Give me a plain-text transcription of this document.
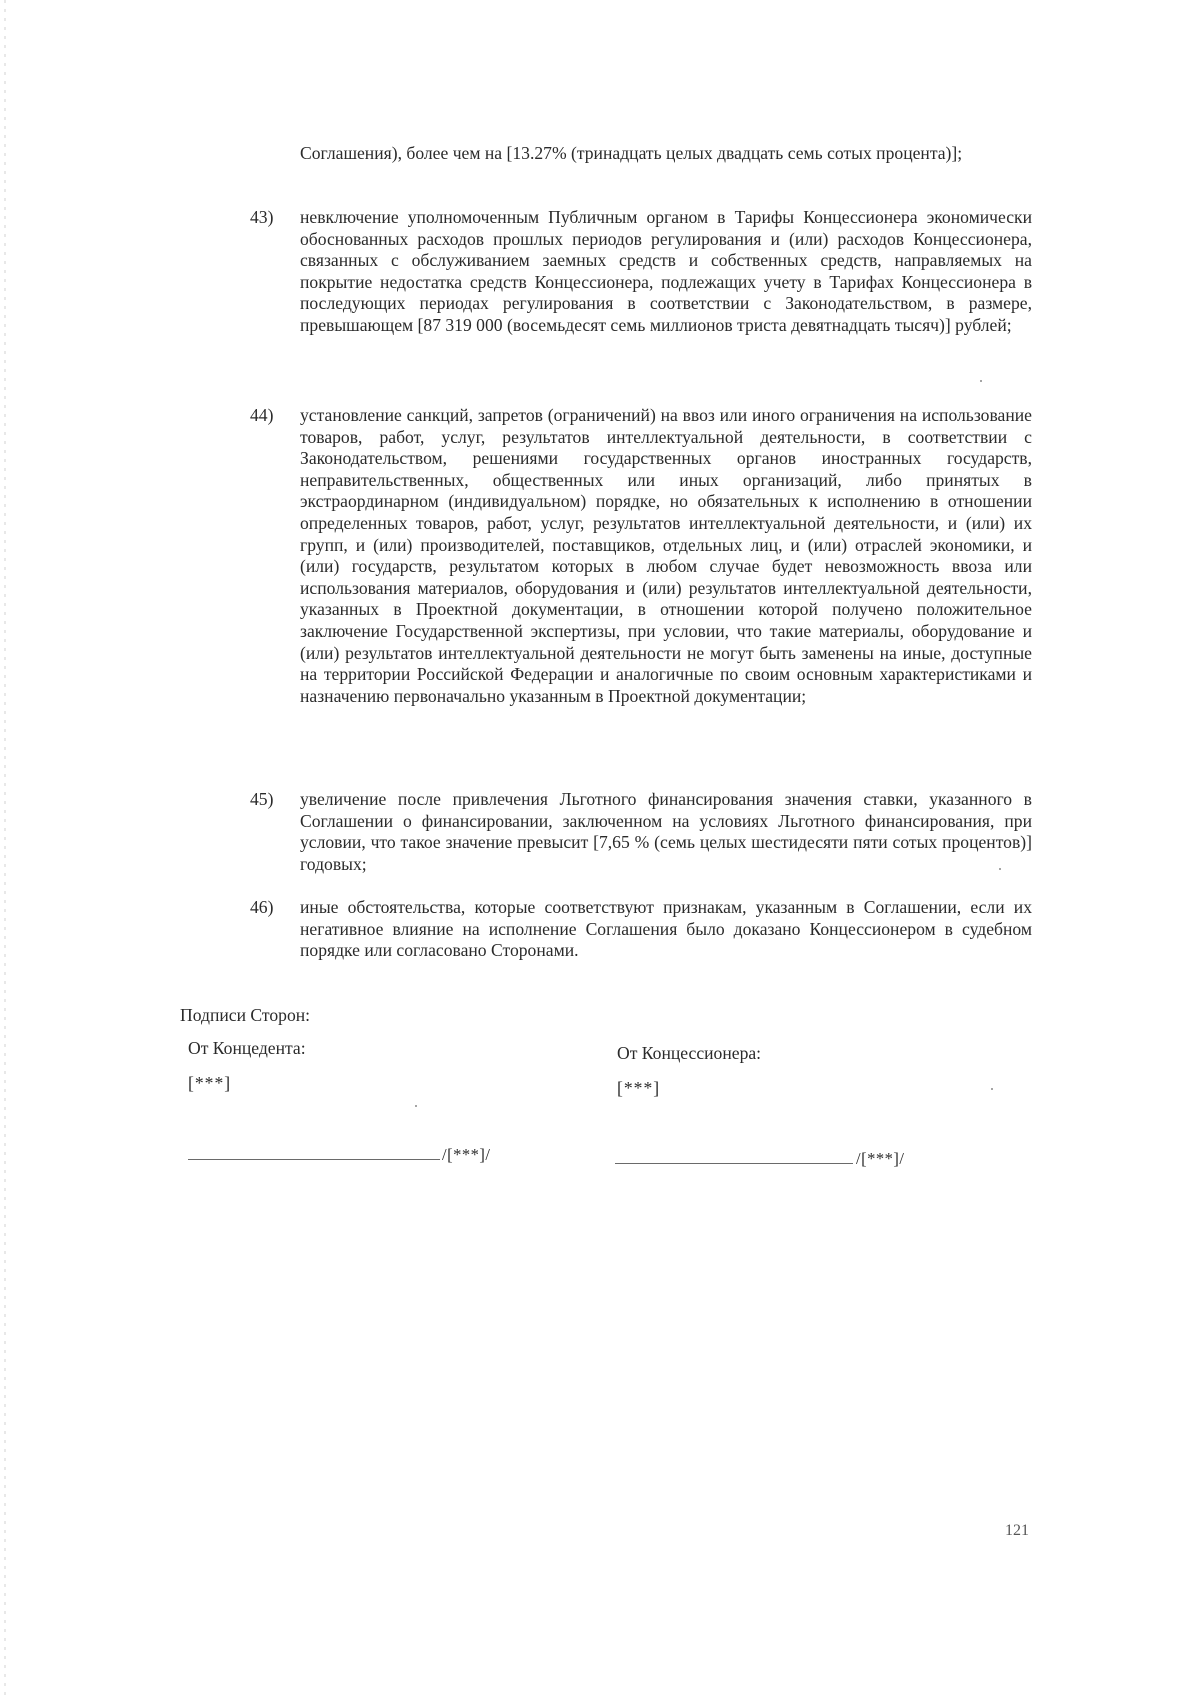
Соглашения), более чем на [13.27% (тринадцать целых двадцать семь сотых процента)];
43) невключение уполномоченным Публичным органом в Тарифы Концессионера экономически обоснованных расходов прошлых периодов регулирования и (или) расходов Концессионера, связанных с обслуживанием заемных средств и собственных средств, направляемых на покрытие недостатка средств Концессионера, подлежащих учету в Тарифах Концессионера в последующих периодах регулирования в соответствии с Законодательством, в размере, превышающем [87 319 000 (восемьдесят семь миллионов триста девятнадцать тысяч)] рублей;
44) установление санкций, запретов (ограничений) на ввоз или иного ограничения на использование товаров, работ, услуг, результатов интеллектуальной деятельности, в соответствии с Законодательством, решениями государственных органов иностранных государств, неправительственных, общественных или иных организаций, либо принятых в экстраординарном (индивидуальном) порядке, но обязательных к исполнению в отношении определенных товаров, работ, услуг, результатов интеллектуальной деятельности, и (или) их групп, и (или) производителей, поставщиков, отдельных лиц, и (или) отраслей экономики, и (или) государств, результатом которых в любом случае будет невозможность ввоза или использования материалов, оборудования и (или) результатов интеллектуальной деятельности, указанных в Проектной документации, в отношении которой получено положительное заключение Государственной экспертизы, при условии, что такие материалы, оборудование и (или) результатов интеллектуальной деятельности не могут быть заменены на иные, доступные на территории Российской Федерации и аналогичные по своим основным характеристиками и назначению первоначально указанным в Проектной документации;
45) увеличение после привлечения Льготного финансирования значения ставки, указанного в Соглашении о финансировании, заключенном на условиях Льготного финансирования, при условии, что такое значение превысит [7,65 % (семь целых шестидесяти пяти сотых процентов)] годовых;
46) иные обстоятельства, которые соответствуют признакам, указанным в Соглашении, если их негативное влияние на исполнение Соглашения было доказано Концессионером в судебном порядке или согласовано Сторонами.
Подписи Сторон:
От Концедента:
[***]
/[***]/
От Концессионера:
[***]
/[***]/
121
